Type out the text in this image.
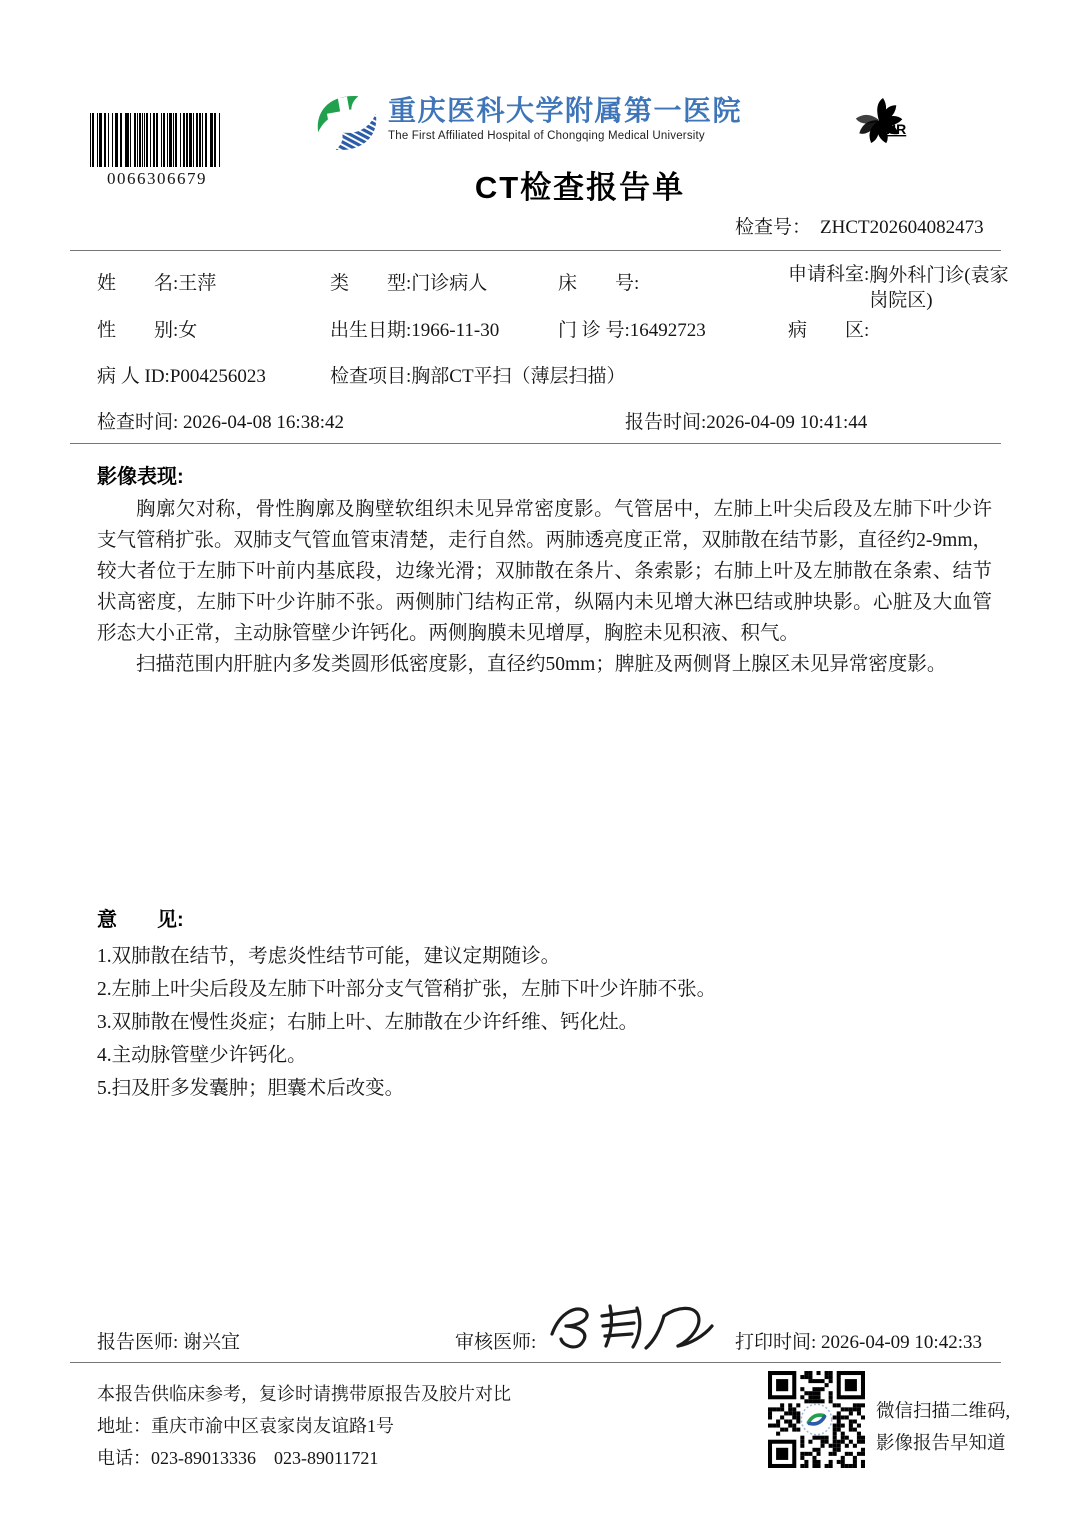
0066306679
重庆医科大学附属第一医院
The First Affiliated Hospital of Chongqing Medical University
CT检查报告单
HR
检查号： ZHCT202604082473
姓　　名:王萍	类　　型:门诊病人	床　　号:	申请科室:胸外科门诊(袁家岗院区)
性　　别:女	出生日期:1966-11-30	门 诊 号:16492723	病　　区:
病 人 ID:P004256023	检查项目:胸部CT平扫（薄层扫描）
检查时间: 2026-04-08 16:38:42	报告时间:2026-04-09 10:41:44
影像表现:

胸廓欠对称，骨性胸廓及胸壁软组织未见异常密度影。气管居中，左肺上叶尖后段及左肺下叶少许支气管稍扩张。双肺支气管血管束清楚，走行自然。两肺透亮度正常，双肺散在结节影，直径约2-9mm，较大者位于左肺下叶前内基底段，边缘光滑；双肺散在条片、条索影；右肺上叶及左肺散在条索、结节状高密度，左肺下叶少许肺不张。两侧肺门结构正常，纵隔内未见增大淋巴结或肿块影。心脏及大血管形态大小正常，主动脉管壁少许钙化。两侧胸膜未见增厚，胸腔未见积液、积气。

扫描范围内肝脏内多发类圆形低密度影，直径约50mm；脾脏及两侧肾上腺区未见异常密度影。

意　　见:
1.双肺散在结节，考虑炎性结节可能，建议定期随诊。
2.左肺上叶尖后段及左肺下叶部分支气管稍扩张，左肺下叶少许肺不张。
3.双肺散在慢性炎症；右肺上叶、左肺散在少许纤维、钙化灶。
4.主动脉管壁少许钙化。
5.扫及肝多发囊肿；胆囊术后改变。
报告医师: 谢兴宜	审核医师:	打印时间: 2026-04-09 10:42:33
本报告供临床参考，复诊时请携带原报告及胶片对比
地址：重庆市渝中区袁家岗友谊路1号
电话：023-89013336    023-89011721
微信扫描二维码,
影像报告早知道
